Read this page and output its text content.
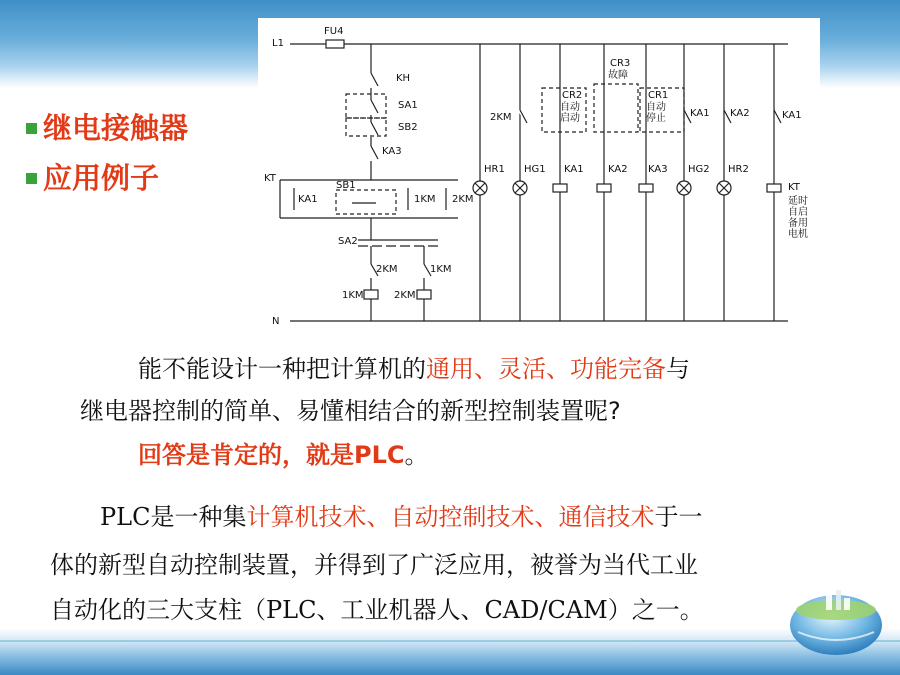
继电接触器
应用例子
L1
FU4
N
KH
SA1
SB2
KA3
KT
KA1
SB1
1KM 2KM
SA2
2KM	1KM
1KM	2KM
2KM
CR2
自动
启动
CR3
故障
CR1
自动
停止 KA1 KA2	KA1
HR1 HG1 KA1 KA2 KA3 HG2 HR2
KT
延时
自启
备用
电机
能不能设计一种把计算机的通用、灵活、功能完备与
继电器控制的简单、易懂相结合的新型控制装置呢?
回答是肯定的，就是PLC。
PLC是一种集计算机技术、自动控制技术、通信技术于一
体的新型自动控制装置，并得到了广泛应用，被誉为当代工业
自动化的三大支柱（PLC、工业机器人、CAD/CAM）之一。
